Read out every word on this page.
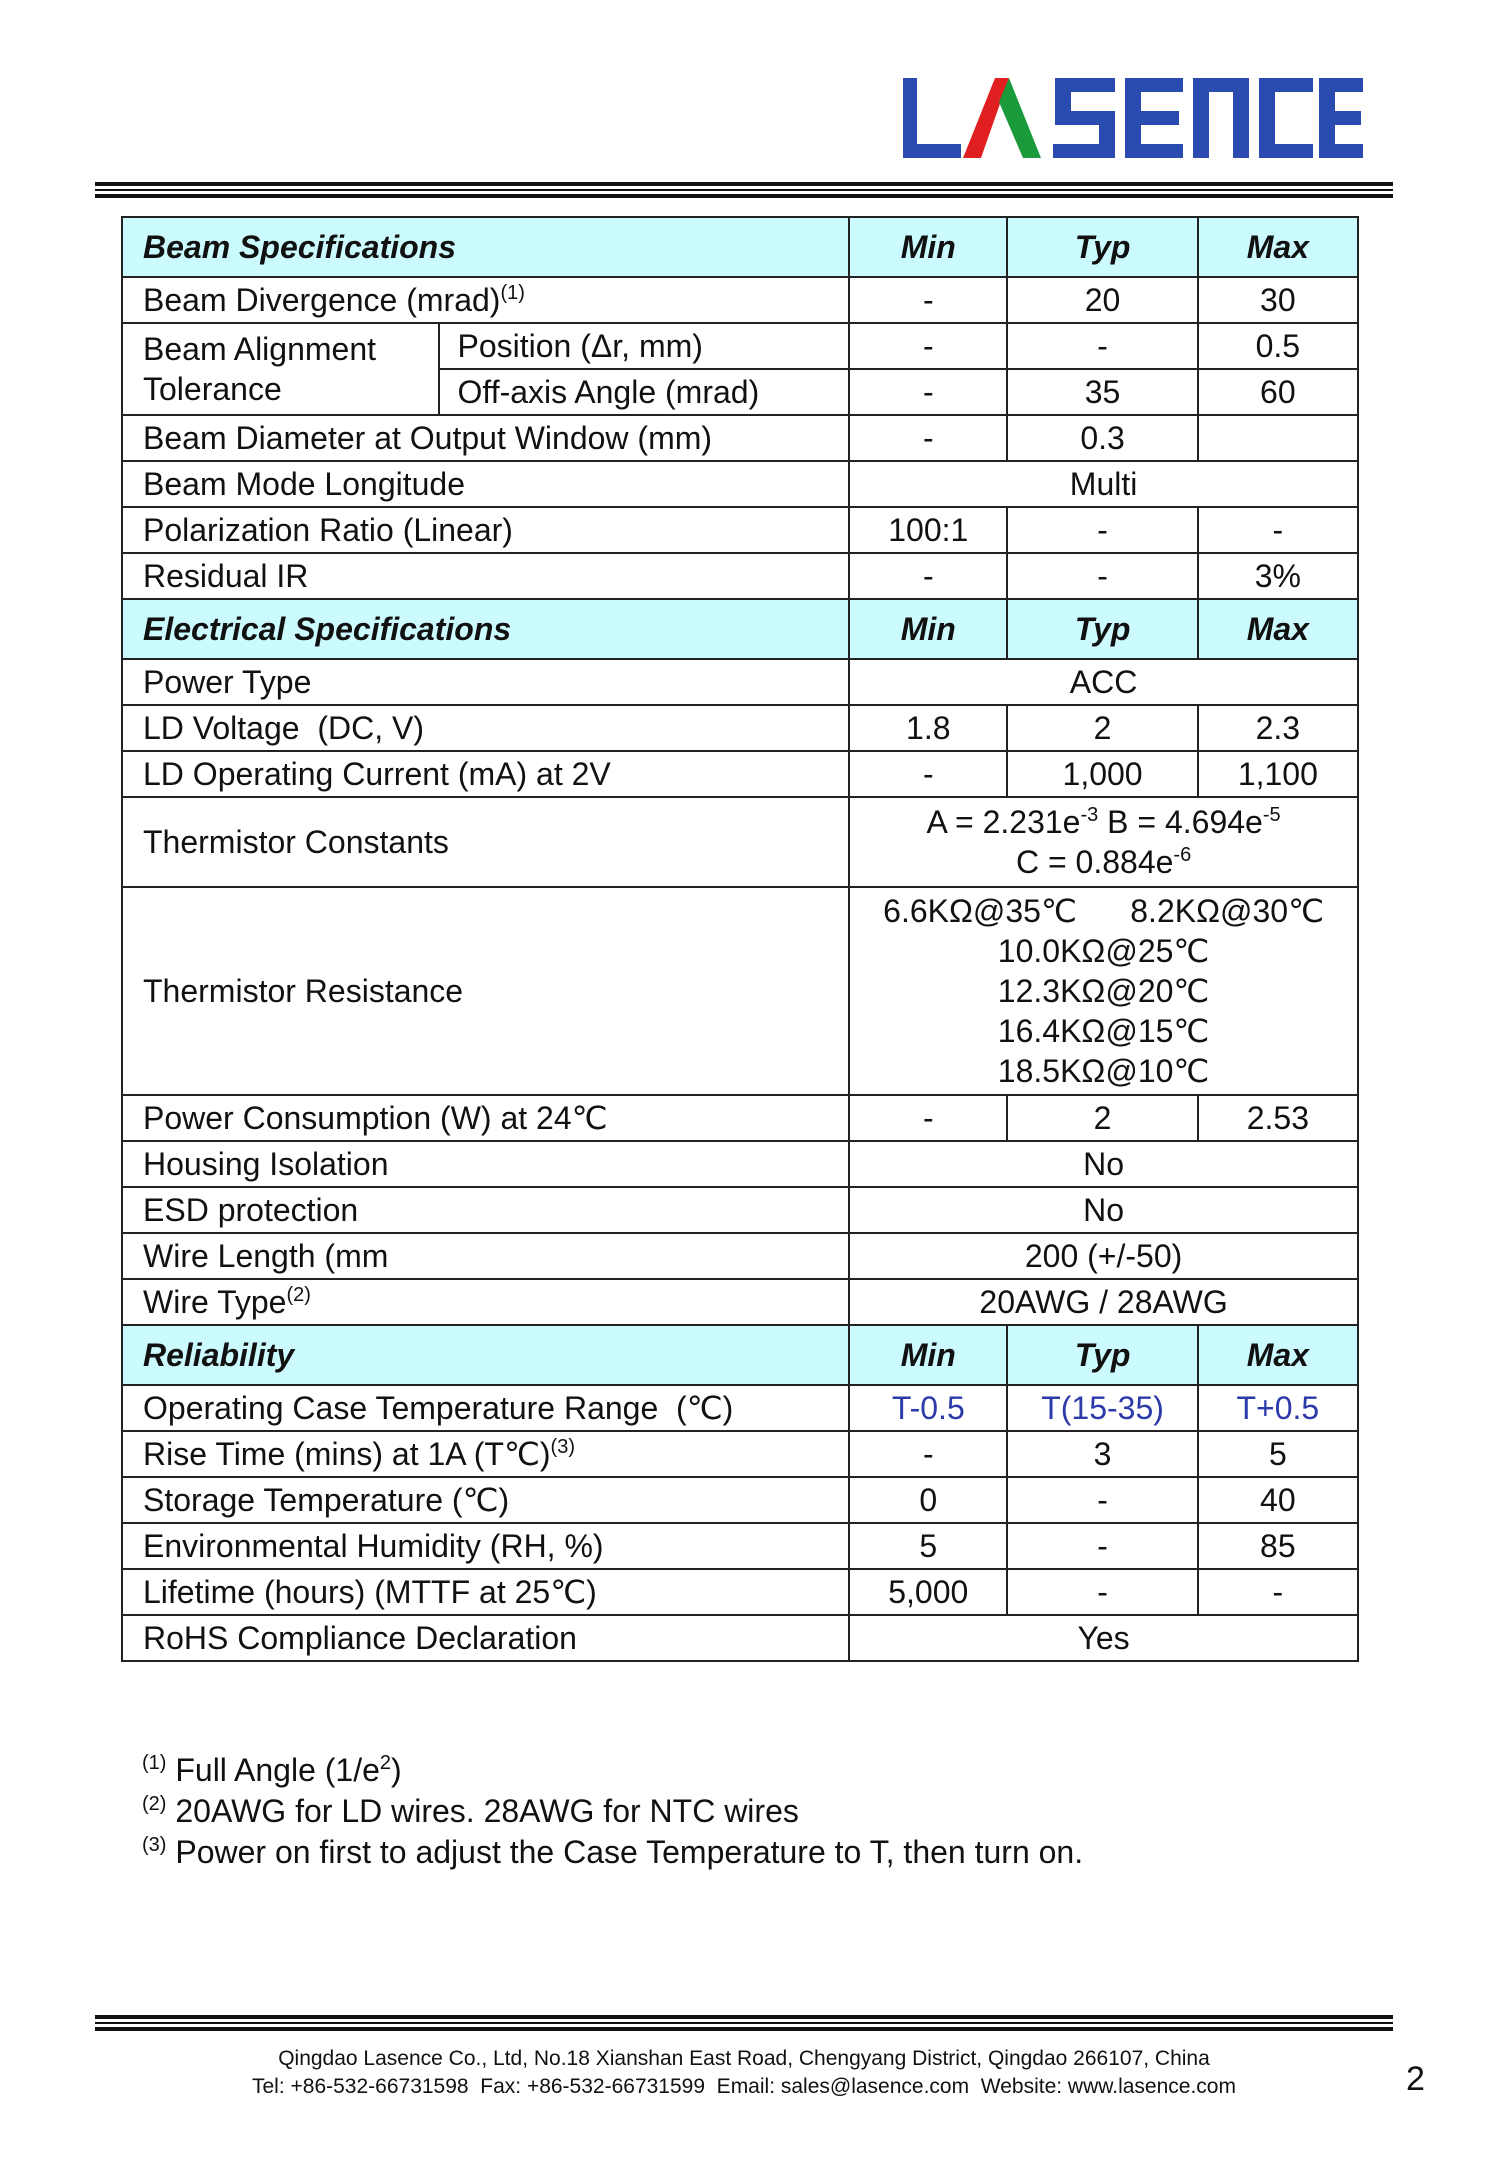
Beam Specifications		Min	Typ	Max
Beam Divergence (mrad)$^{(1)}$		-	20	30
Beam Alignment Tolerance	Position (Δr, mm)	-	-	0.5
	Off-axis Angle (mrad)	-	35	60
Beam Diameter at Output Window (mm)		-	0.3	
Beam Mode Longitude		Multi		
Polarization Ratio (Linear)		100:1	-	-
Residual IR		-	-	3%
Electrical Specifications		Min	Typ	Max
Power Type		ACC		
LD Voltage  (DC, V)		1.8	2	2.3
LD Operating Current (mA) at 2V		-	1,000	1,100
Thermistor Constants		$A = 2.231e^{-3}$ $B = 4.694e^{-5}$
$C = 0.884e^{-6}$

Thermistor Resistance		6.6KΩ@35℃      8.2KΩ@30℃
10.0KΩ@25℃
12.3KΩ@20℃
16.4KΩ@15℃
18.5KΩ@10℃		

Power Consumption (W) at 24℃		-	2	2.53
Housing Isolation		No		
ESD protection		No		
Wire Length (mm		200 (+/-50)		
Wire Type$^{(2)}$		20AWG / 28AWG		
Reliability		Min	Typ	Max
Operating Case Temperature Range  (℃)		T-0.5	T(15-35)	T+0.5
Rise Time (mins) at 1A (T℃)$^{(3)}$		-	3	5
Storage Temperature (℃)		0	-	40
Environmental Humidity (RH, %)		5	-	85
Lifetime (hours) (MTTF at 25℃)		5,000	-	-
RoHS Compliance Declaration		Yes		
$^{(1)}$ Full Angle $(1/e^2)$
$^{(2)}$ 20AWG for LD wires. 28AWG for NTC wires
$^{(3)}$ Power on first to adjust the Case Temperature to T, then turn on.
Qingdao Lasence Co., Ltd, No.18 Xianshan East Road, Chengyang District, Qingdao 266107, China
Tel: +86-532-66731598  Fax: +86-532-66731599  Email: sales@lasence.com  Website: www.lasence.com	2
